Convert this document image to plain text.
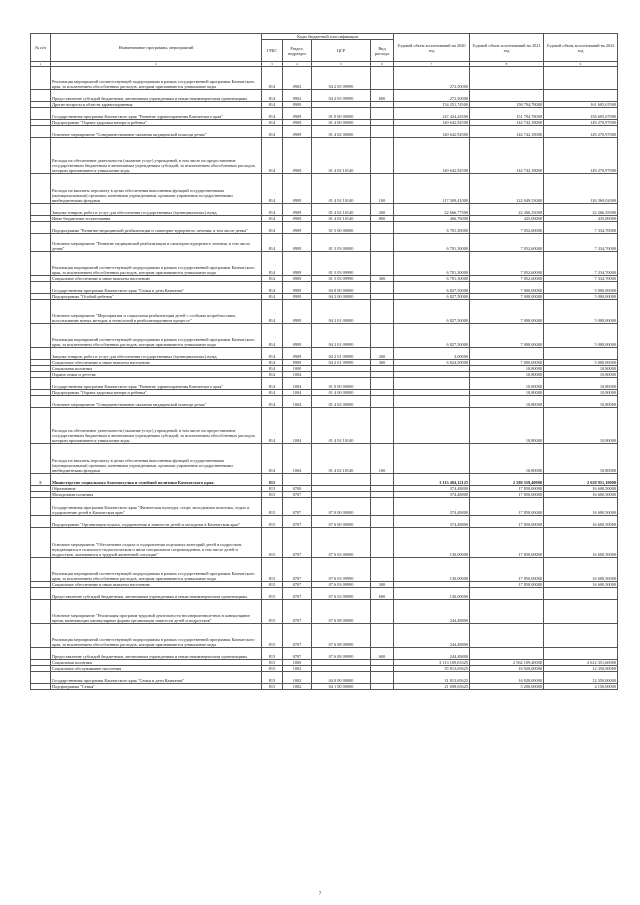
№ п/п	Наименование программы, мероприятий	Коды бюджетной классификации				Годовой объем ассигнований на 2020 год	Годовой объем ассигнований на 2021 год	Годовой объем ассигнований на 2022 год
		ГРБС	Раздел, подраздел	ЦСР	Вид расхода			
1	2	3	4	5	6	7	8	9
	Реализация мероприятий соответствующей подпрограммы в рамках государственной программы Камчатского края, за исключением обособленных расходов, которым присваиваются уникальные коды	814	0902	04 2 05 09990		272,50000		
	Предоставление субсидий бюджетным, автономным учреждениям и иным некоммерческим организациям	814	0902	04 2 05 09990	600	272,50000		
	Другие вопросы в области здравоохранения	814	0909			154 251,74500	158 794,78000	161 605,67000
	Государственная программа Камчатского края "Развитие здравоохранения Камчатского края"	814	0909	01 0 00 00000		147 424,24500	151 794,78000	156 605,67000
	Подпрограмма "Охрана здоровья матери и ребенка"	814	0909	01 4 00 00000		140 642,94500	144 742,18000	149 270,97000
	Основное мероприятие "Совершенствование оказания медицинской помощи детям"	814	0909	01 4 02 00000		140 642,94500	144 742,18000	149 270,97000
	Расходы на обеспечение деятельности (оказание услуг) учреждений, в том числе на предоставление государственным бюджетным и автономным учреждениям субсидий, за исключением обособленных расходов, которым присваиваются уникальные коды	814	0909	01 4 02 10140		140 642,94500	144 742,18000	149 270,97000
	Расходы на выплаты персоналу в целях обеспечения выполнения функций государственными (муниципальными) органами, казенными учреждениями, органами управления государственными внебюджетными фондами	814	0909	01 4 02 10140	100	117 509,41000	122 049,53000	126 369,02000
	Закупка товаров, работ и услуг для обеспечения государственных (муниципальных) нужд	814	0909	01 4 02 10140	200	22 666,77500	22 266,35000	22 266,35000
	Иные бюджетные ассигнования	814	0909	01 4 02 10140	800	466,76000	425,00000	435,00000
	Подпрограмма "Развитие медицинской реабилитации и санаторно-курортного лечения, в том числе детям"	814	0909	01 5 00 00000		6 781,30000	7 052,60000	7 334,70000
	Основное мероприятие "Развитие медицинской реабилитации и санаторно-курортного лечения, в том числе детям"	814	0909	01 5 03 00000		6 781,30000	7 052,60000	7 334,70000
	Реализация мероприятий соответствующей подпрограммы в рамках государственной программы Камчатского края, за исключением обособленных расходов, которым присваиваются уникальные коды	814	0909	01 5 03 09990		6 781,30000	7 052,60000	7 334,70000
	Социальное обеспечение и иные выплаты населению	814	0909	01 5 03 09990	300	6 781,30000	7 052,60000	7 334,70000
	Государственная программа Камчатского края "Семья и дети Камчатки"	814	0909	04 0 00 00000		6 827,50000	7 000,00000	5 000,00000
	Подпрограмма "Особый ребенок"	814	0909	04 2 00 00000		6 827,50000	7 000,00000	5 000,00000
	Основное мероприятие "Мероприятия и социальная реабилитация детей с особыми потребностями, использование новых методик и технологий в реабилитационном процессе"	814	0909	04 2 01 00000		6 827,50000	7 000,00000	5 000,00000
	Реализация мероприятий соответствующей подпрограммы в рамках государственной программы Камчатского края, за исключением обособленных расходов, которым присваиваются уникальные коды	814	0909	04 2 01 09990		6 827,50000	7 000,00000	5 000,00000
	Закупка товаров, работ и услуг для обеспечения государственных (муниципальных) нужд	814	0909	04 2 01 09990	200	3,00000		
	Социальное обеспечение и иные выплаты населению	814	0909	04 2 01 09990	300	6 824,50000	7 000,00000	5 000,00000
	Социальная политика	814	1000				10,80000	10,80000
	Охрана семьи и детства	814	1004				10,80000	10,80000
	Государственная программа Камчатского края "Развитие здравоохранения Камчатского края"	814	1004	01 0 00 00000			10,80000	10,80000
	Подпрограмма "Охрана здоровья матери и ребенка"	814	1004	01 4 00 00000			10,80000	10,80000
	Основное мероприятие "Совершенствование оказания медицинской помощи детям"	814	1004	01 4 02 00000			10,80000	10,80000
	Расходы на обеспечение деятельности (оказание услуг) учреждений, в том числе на предоставление государственным бюджетным и автономным учреждениям субсидий, за исключением обособленных расходов, которым присваиваются уникальные коды	814	1004	01 4 02 10140			10,80000	10,80000
	Расходы на выплаты персоналу в целях обеспечения выполнения функций государственными (муниципальными) органами, казенными учреждениями, органами управления государственными внебюджетными фондами	814	1004	01 4 02 10140	100		10,80000	10,80000
5	Министерство социального благополучия и семейной политики Камчатского края	815				3 113 484,12125	2 580 559,40000	2 628 951,10000
	Образование	815	0700			374,48800	17 850,00000	16 600,50000
	Молодежная политика	815	0707			374,48800	17 850,00000	16 600,50000
	Государственная программа Камчатского края "Физическая культура, спорт, молодежная политика, отдых и оздоровление детей в Камчатском крае"	815	0707	07 0 00 00000		374,48800	17 850,00000	16 600,50000
	Подпрограмма "Организация отдыха, оздоровления и занятости детей и молодежи в Камчатском крае"	815	0707	07 6 00 00000		374,48800	17 850,00000	16 600,50000
	Основное мероприятие "Обеспечение отдыха и оздоровления отдельных категорий детей и подростков, нуждающихся в психолого-педагогическом и ином специальном сопровождении, в том числе детей и подростков, оказавшихся в трудной жизненной ситуации"	815	0707	07 6 03 00000		130,00000	17 850,00000	16 600,50000
	Реализация мероприятий соответствующей подпрограммы в рамках государственной программы Камчатского края, за исключением обособленных расходов, которым присваиваются уникальные коды	815	0707	07 6 03 09990		130,00000	17 850,00000	16 600,50000
	Социальное обеспечение и иные выплаты населению	815	0707	07 6 03 09990	300		17 850,00000	16 600,50000
	Предоставление субсидий бюджетным, автономным учреждениям и иным некоммерческим организациям	815	0707	07 6 03 09990	600	130,00000		
	Основное мероприятие "Реализация программ трудовой деятельности несовершеннолетних в каникулярное время, включающих каникулярные формы организации занятости детей и подростков"	815	0707	07 6 08 00000		244,48800		
	Реализация мероприятий соответствующей подпрограммы в рамках государственной программы Камчатского края, за исключением обособленных расходов, которым присваиваются уникальные коды	815	0707	07 6 08 09990		244,48800		
	Предоставление субсидий бюджетным, автономным учреждениям и иным некоммерческим организациям	815	0707	07 6 08 09990	600	244,48800		
	Социальная политика	815	1000			3 113 109,63325	2 562 109,40000	2 612 351,60000
	Социальное обслуживание населения	815	1002			35 813,65625	16 920,00000	12 350,00000
	Государственная программа Камчатского края "Семья и дети Камчатки"	815	1002	04 0 00 00000		31 813,65625	16 920,00000	12 350,00000
	Подпрограмма "Семья"	815	1002	04 1 00 00000		21 698,65625	5 200,00000	4 150,00000
7
